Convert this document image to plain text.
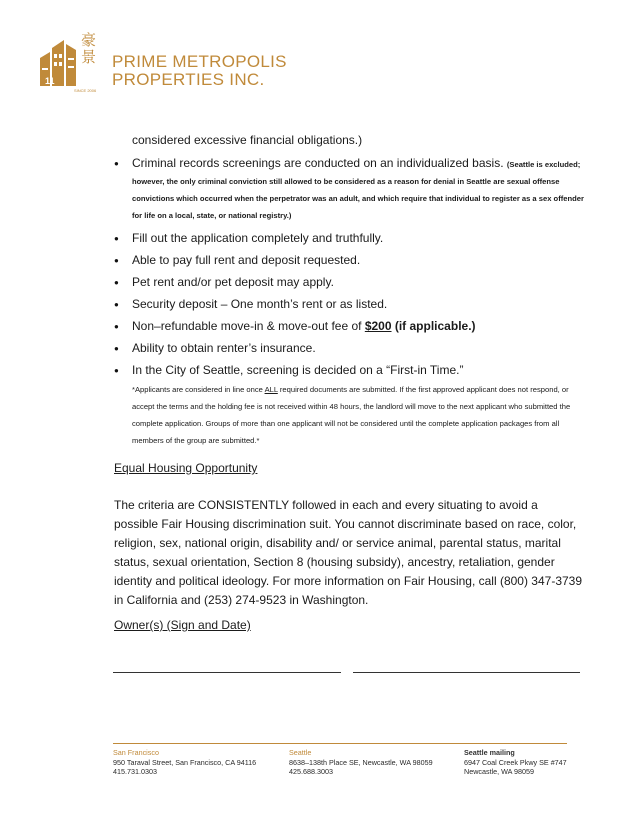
11
豪景
SINCE 2006
PRIME METROPOLIS
PROPERTIES INC.
considered excessive financial obligations.)
● Criminal records screenings are conducted on an individualized basis. (Seattle is excluded; however, the only criminal conviction still allowed to be considered as a reason for denial in Seattle are sexual offense convictions which occurred when the perpetrator was an adult, and which require that individual to register as a sex offender for life on a local, state, or national registry.)
● Fill out the application completely and truthfully.
● Able to pay full rent and deposit requested.
● Pet rent and/or pet deposit may apply.
● Security deposit – One month’s rent or as listed.
● Non–refundable move-in & move-out fee of $200 (if applicable.)
● Ability to obtain renter’s insurance.
● In the City of Seattle, screening is decided on a “First-in Time.”
*Applicants are considered in line once ALL required documents are submitted. If the first approved applicant does not respond, or accept the terms and the holding fee is not received within 48 hours, the landlord will move to the next applicant who submitted the complete application. Groups of more than one applicant will not be considered until the complete application packages from all members of the group are submitted.*
Equal Housing Opportunity
The criteria are CONSISTENTLY followed in each and every situating to avoid a possible Fair Housing discrimination suit. You cannot discriminate based on race, color, religion, sex, national origin, disability and/ or service animal, parental status, marital status, sexual orientation, Section 8 (housing subsidy), ancestry, retaliation, gender identity and political ideology. For more information on Fair Housing, call (800) 347-3739 in California and (253) 274-9523 in Washington.
Owner(s) (Sign and Date)
San Francisco
950 Taraval Street, San Francisco, CA 94116
415.731.0303
Seattle
8638–138th Place SE, Newcastle, WA 98059
425.688.3003
Seattle mailing
6947 Coal Creek Pkwy SE #747
Newcastle, WA 98059
